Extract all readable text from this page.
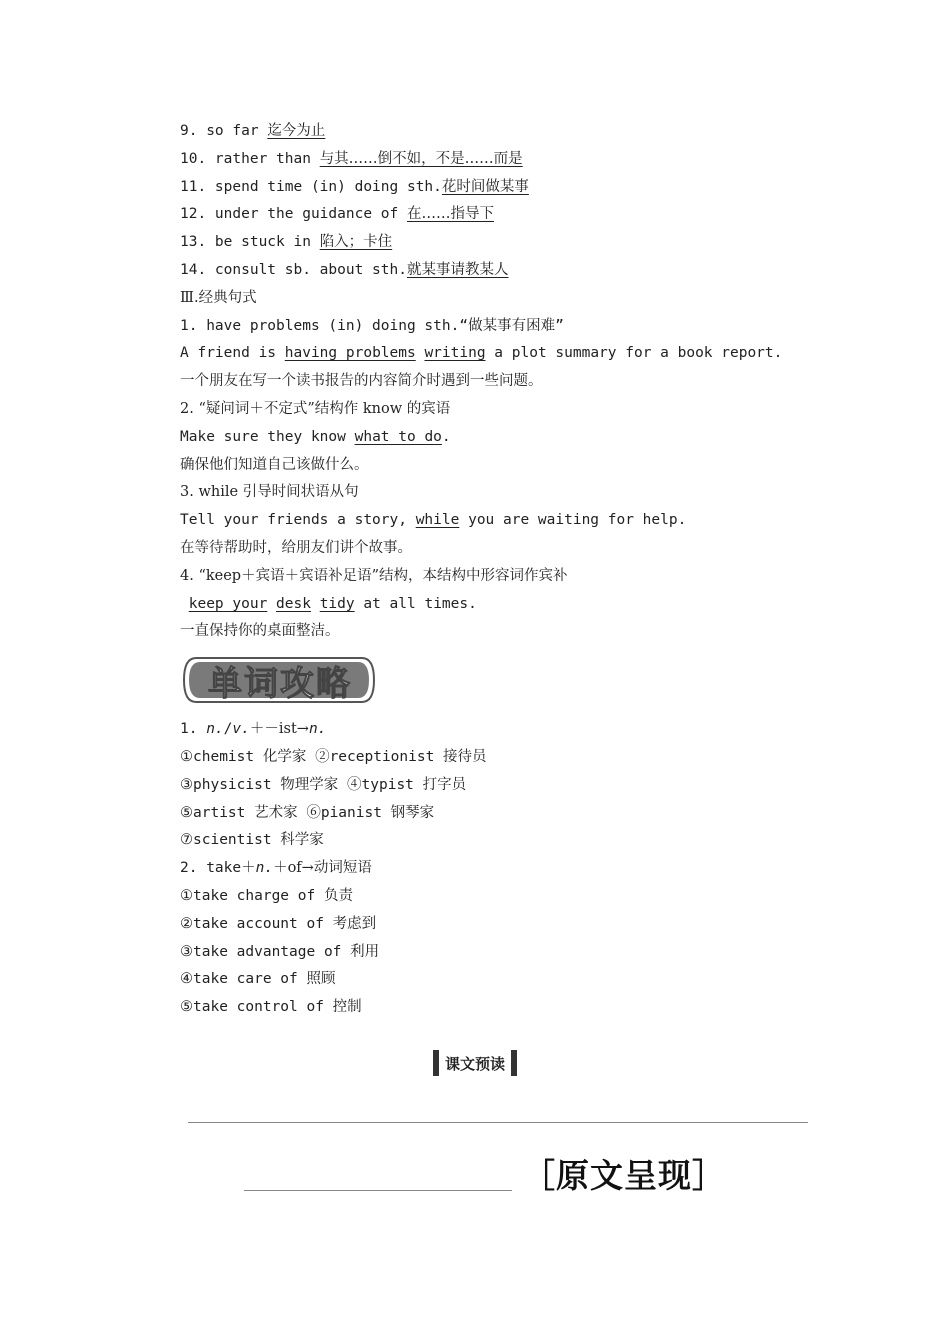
9. so far 迄今为止
10. rather than 与其……倒不如，不是……而是
11. spend time (in) doing sth.花时间做某事
12. under the guidance of 在……指导下
13. be stuck in 陷入；卡住
14. consult sb. about sth.就某事请教某人
Ⅲ.经典句式
1. have problems (in) doing sth.“做某事有困难”
A friend is having problems writing a plot summary for a book report.
一个朋友在写一个读书报告的内容简介时遇到一些问题。
2. “疑问词＋不定式”结构作 know 的宾语
Make sure they know what to do.
确保他们知道自己该做什么。
3. while 引导时间状语从句
Tell your friends a story, while you are waiting for help.
在等待帮助时，给朋友们讲个故事。
4. “keep＋宾语＋宾语补足语”结构，本结构中形容词作宾补
keep your desk tidy at all times.
一直保持你的桌面整洁。
单词攻略
1. n./v.＋－ist→n.
①chemist 化学家 ②receptionist 接待员
③physicist 物理学家 ④typist 打字员
⑤artist 艺术家 ⑥pianist 钢琴家
⑦scientist 科学家
2. take＋n.＋of→动词短语
①take charge of 负责
②take account of 考虑到
③take advantage of 利用
④take care of 照顾
⑤take control of 控制
课文预读
［原文呈现］
